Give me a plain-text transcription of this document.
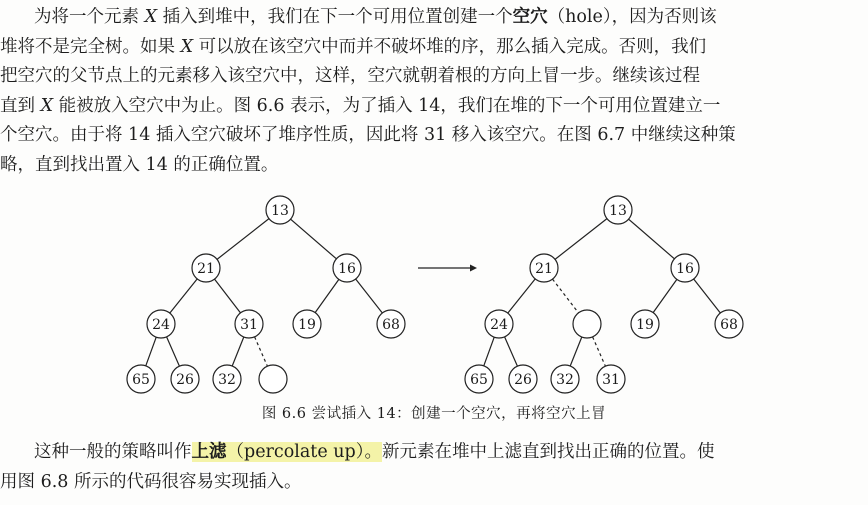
为将一个元素 X 插入到堆中，我们在下一个可用位置创建一个空穴（hole），因为否则该
堆将不是完全树。如果 X 可以放在该空穴中而并不破坏堆的序，那么插入完成。否则，我们
把空穴的父节点上的元素移入该空穴中，这样，空穴就朝着根的方向上冒一步。继续该过程
直到 X 能被放入空穴中为止。图 6.6 表示，为了插入 14，我们在堆的下一个可用位置建立一
个空穴。由于将 14 插入空穴破坏了堆序性质，因此将 31 移入该空穴。在图 6.7 中继续这种策
略，直到找出置入 14 的正确位置。
13
21	16
24	31	19	68
65 26 32
13
21	16
24	19	68
65 26 32 31
图 6.6 尝试插入 14：创建一个空穴，再将空穴上冒
这种一般的策略叫作上滤（percolate up）。新元素在堆中上滤直到找出正确的位置。使
用图 6.8 所示的代码很容易实现插入。
